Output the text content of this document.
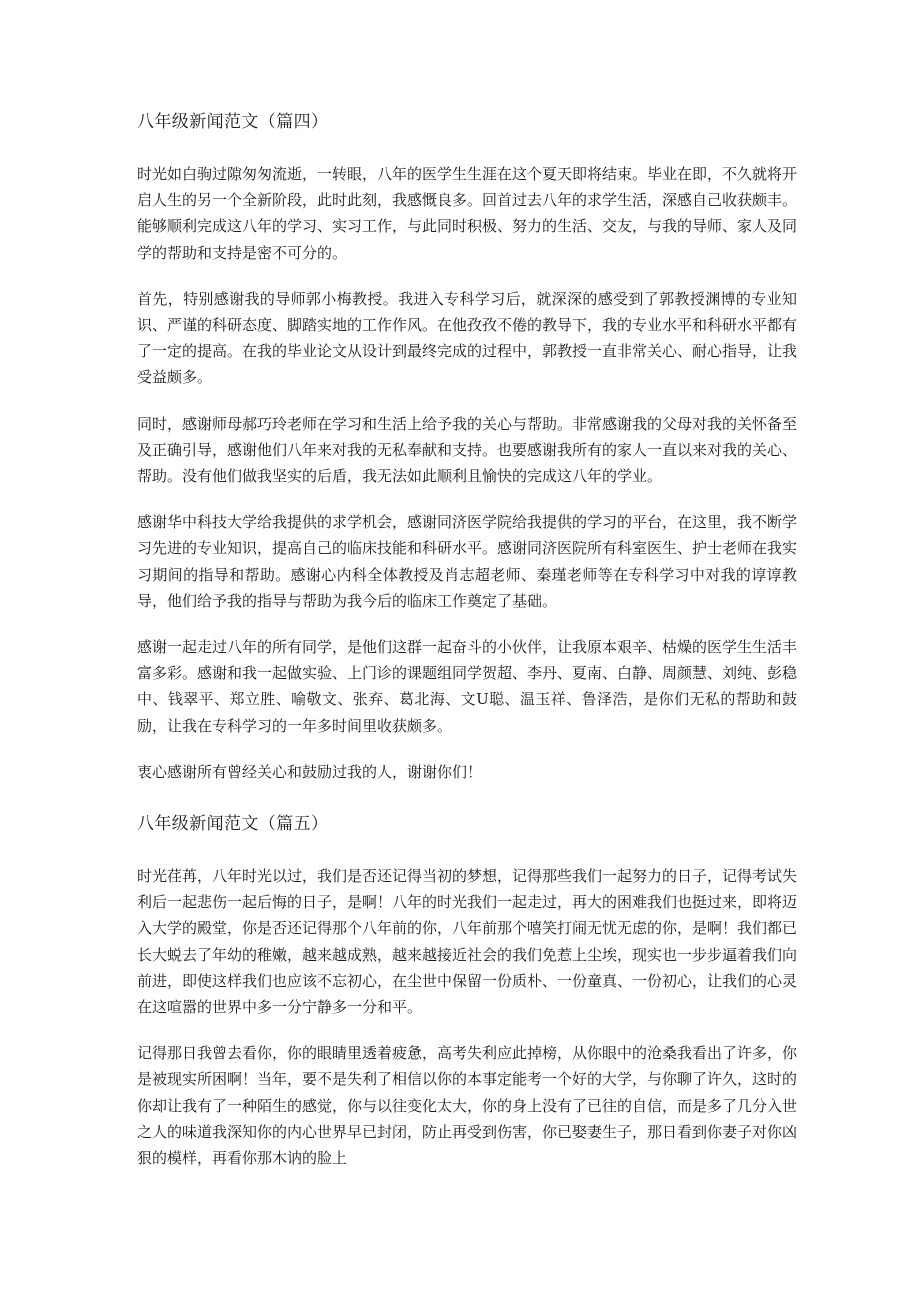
八年级新闻范文（篇四）

时光如白驹过隙匆匆流逝，一转眼，八年的医学生生涯在这个夏天即将结束。毕业在即，不久就将开启人生的另一个全新阶段，此时此刻，我感慨良多。回首过去八年的求学生活，深感自己收获颇丰。能够顺利完成这八年的学习、实习工作，与此同时积极、努力的生活、交友，与我的导师、家人及同学的帮助和支持是密不可分的。

首先，特别感谢我的导师郭小梅教授。我进入专科学习后，就深深的感受到了郭教授渊博的专业知识、严谨的科研态度、脚踏实地的工作作风。在他孜孜不倦的教导下，我的专业水平和科研水平都有了一定的提高。在我的毕业论文从设计到最终完成的过程中，郭教授一直非常关心、耐心指导，让我受益颇多。

同时，感谢师母郝巧玲老师在学习和生活上给予我的关心与帮助。非常感谢我的父母对我的关怀备至及正确引导，感谢他们八年来对我的无私奉献和支持。也要感谢我所有的家人一直以来对我的关心、帮助。没有他们做我坚实的后盾，我无法如此顺利且愉快的完成这八年的学业。

感谢华中科技大学给我提供的求学机会，感谢同济医学院给我提供的学习的平台，在这里，我不断学习先进的专业知识，提高自己的临床技能和科研水平。感谢同济医院所有科室医生、护士老师在我实习期间的指导和帮助。感谢心内科全体教授及肖志超老师、秦瑾老师等在专科学习中对我的谆谆教导，他们给予我的指导与帮助为我今后的临床工作奠定了基础。

感谢一起走过八年的所有同学，是他们这群一起奋斗的小伙伴，让我原本艰辛、枯燥的医学生生活丰富多彩。感谢和我一起做实验、上门诊的课题组同学贺超、李丹、夏南、白静、周颜慧、刘纯、彭稳中、钱翠平、郑立胜、喻敬文、张弃、葛北海、文U聪、温玉祥、鲁泽浩，是你们无私的帮助和鼓励，让我在专科学习的一年多时间里收获颇多。

衷心感谢所有曾经关心和鼓励过我的人，谢谢你们！

八年级新闻范文（篇五）

时光荏苒，八年时光以过，我们是否还记得当初的梦想，记得那些我们一起努力的日子，记得考试失利后一起悲伤一起后悔的日子，是啊！八年的时光我们一起走过，再大的困难我们也挺过来，即将迈入大学的殿堂，你是否还记得那个八年前的你，八年前那个嘻笑打闹无忧无虑的你，是啊！我们都已长大蜕去了年幼的稚嫩，越来越成熟，越来越接近社会的我们免惹上尘埃，现实也一步步逼着我们向前进，即使这样我们也应该不忘初心，在尘世中保留一份质朴、一份童真、一份初心，让我们的心灵在这喧嚣的世界中多一分宁静多一分和平。

记得那日我曾去看你，你的眼睛里透着疲惫，高考失利应此掉榜，从你眼中的沧桑我看出了许多，你是被现实所困啊！当年，要不是失利了相信以你的本事定能考一个好的大学，与你聊了许久，这时的你却让我有了一种陌生的感觉，你与以往变化太大，你的身上没有了已往的自信，而是多了几分入世之人的味道我深知你的内心世界早已封闭，防止再受到伤害，你已娶妻生子，那日看到你妻子对你凶狠的模样，再看你那木讷的脸上
